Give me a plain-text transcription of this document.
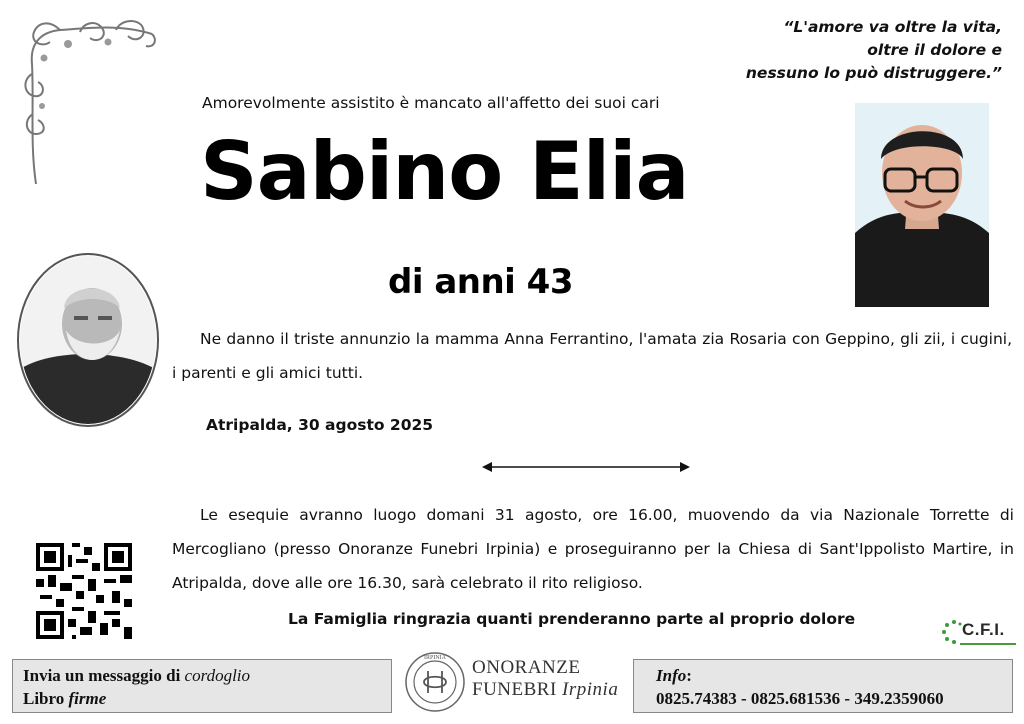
“L'amore va oltre la vita,
oltre il dolore e
nessuno lo può distruggere.”
Amorevolmente assistito è mancato all'affetto dei suoi cari
Sabino Elia
di anni 43
Ne danno il triste annunzio la mamma Anna Ferrantino, l'amata zia Rosaria con Geppino, gli zii, i cugini, i parenti e gli amici tutti.
Atripalda, 30 agosto 2025
Le esequie avranno luogo domani 31 agosto, ore 16.00, muovendo da via Nazionale Torrette di Mercogliano (presso Onoranze Funebri Irpinia) e proseguiranno per la Chiesa di Sant'Ippolisto Martire, in Atripalda, dove alle ore 16.30, sarà celebrato il rito religioso.
La Famiglia ringrazia quanti prenderanno parte al proprio dolore
C.F.I.
Invia un messaggio di cordoglio
Libro firme
IRPINIA ONORANZE
FUNEBRI Irpinia
Info:
0825.74383 - 0825.681536 - 349.2359060
